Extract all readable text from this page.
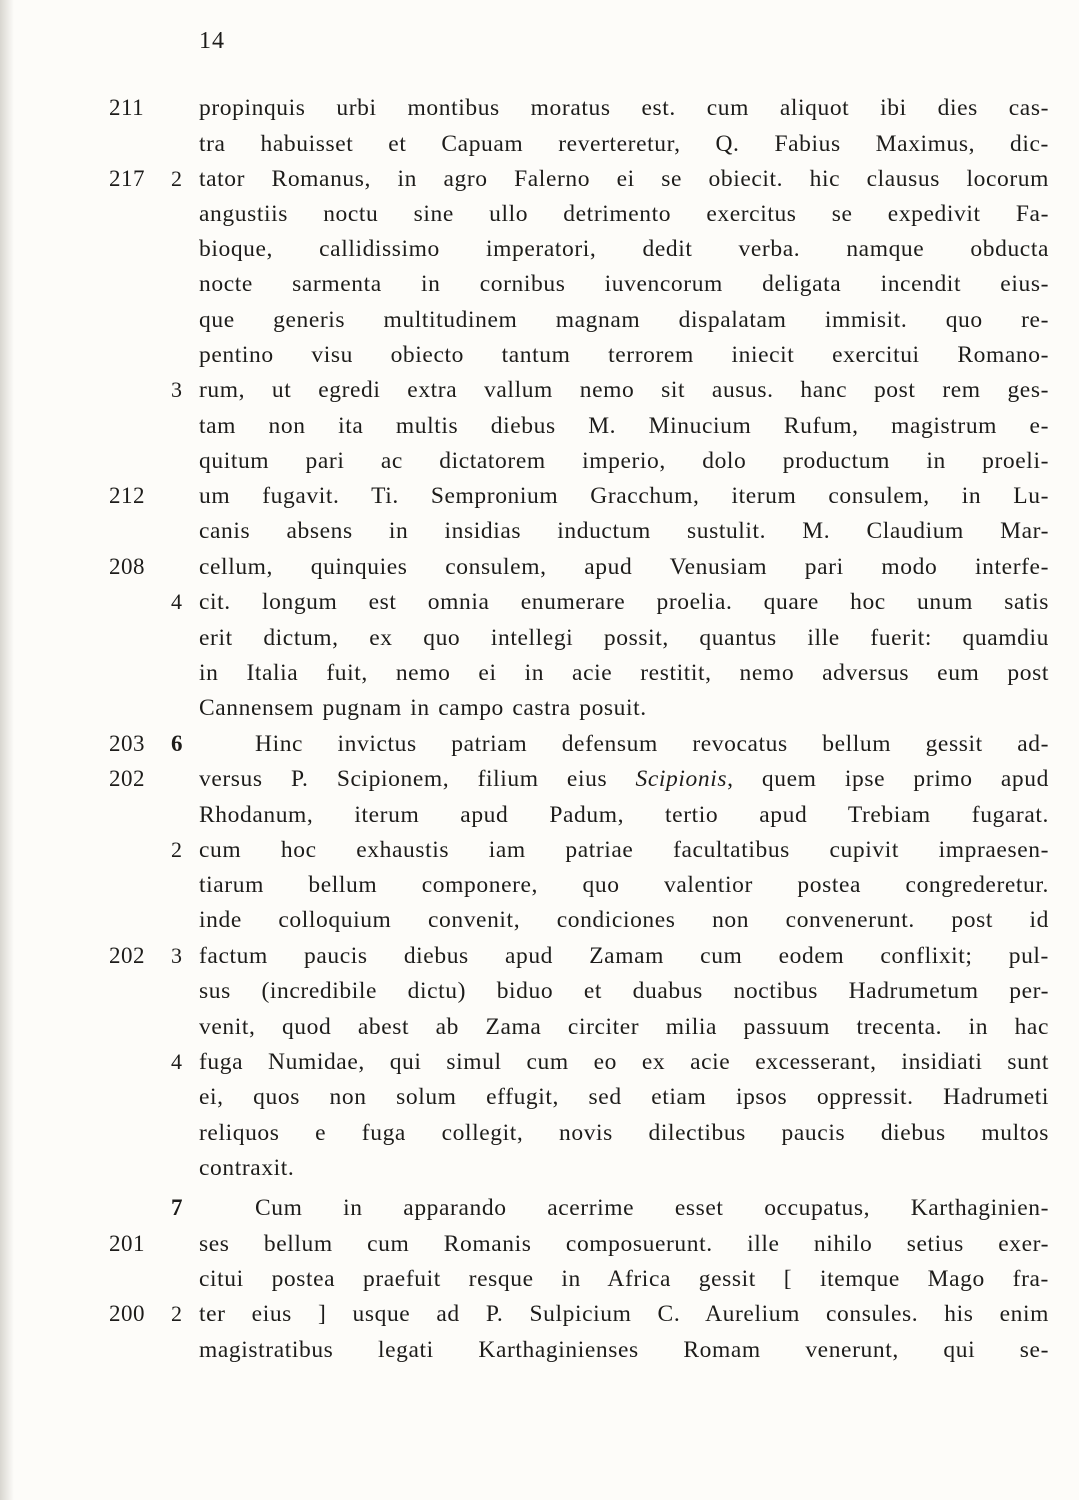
14
211	propinquis urbi montibus moratus est. cum aliquot ibi dies cas-
tra habuisset et Capuam reverteretur, Q. Fabius Maximus, dic-
217	2 tator Romanus, in agro Falerno ei se obiecit. hic clausus locorum
angustiis noctu sine ullo detrimento exercitus se expedivit Fa-
bioque, callidissimo imperatori, dedit verba. namque obducta
nocte sarmenta in cornibus iuvencorum deligata incendit eius-
que generis multitudinem magnam dispalatam immisit. quo re-
pentino visu obiecto tantum terrorem iniecit exercitui Romano-
3 rum, ut egredi extra vallum nemo sit ausus. hanc post rem ges-
tam non ita multis diebus M. Minucium Rufum, magistrum e-
quitum pari ac dictatorem imperio, dolo productum in proeli-
212	um fugavit. Ti. Sempronium Gracchum, iterum consulem, in Lu-
canis absens in insidias inductum sustulit. M. Claudium Mar-
208	cellum, quinquies consulem, apud Venusiam pari modo interfe-
4 cit. longum est omnia enumerare proelia. quare hoc unum satis
erit dictum, ex quo intellegi possit, quantus ille fuerit: quamdiu
in Italia fuit, nemo ei in acie restitit, nemo adversus eum post
Cannensem pugnam in campo castra posuit.
203	6	Hinc invictus patriam defensum revocatus bellum gessit ad-
202	versus P. Scipionem, filium eius Scipionis, quem ipse primo apud
Rhodanum, iterum apud Padum, tertio apud Trebiam fugarat.
2 cum hoc exhaustis iam patriae facultatibus cupivit impraesen-
tiarum bellum componere, quo valentior postea congrederetur.
inde colloquium convenit, condiciones non convenerunt. post id
202	3 factum paucis diebus apud Zamam cum eodem conflixit; pul-
sus (incredibile dictu) biduo et duabus noctibus Hadrumetum per-
venit, quod abest ab Zama circiter milia passuum trecenta. in hac
4 fuga Numidae, qui simul cum eo ex acie excesserant, insidiati sunt
ei, quos non solum effugit, sed etiam ipsos oppressit. Hadrumeti
reliquos e fuga collegit, novis dilectibus paucis diebus multos
contraxit.
7	Cum in apparando acerrime esset occupatus, Karthaginien-
201	ses bellum cum Romanis composuerunt. ille nihilo setius exer-
citui postea praefuit resque in Africa gessit [ itemque Mago fra-
200	2 ter eius ] usque ad P. Sulpicium C. Aurelium consules. his enim
magistratibus legati Karthaginienses Romam venerunt, qui se-
